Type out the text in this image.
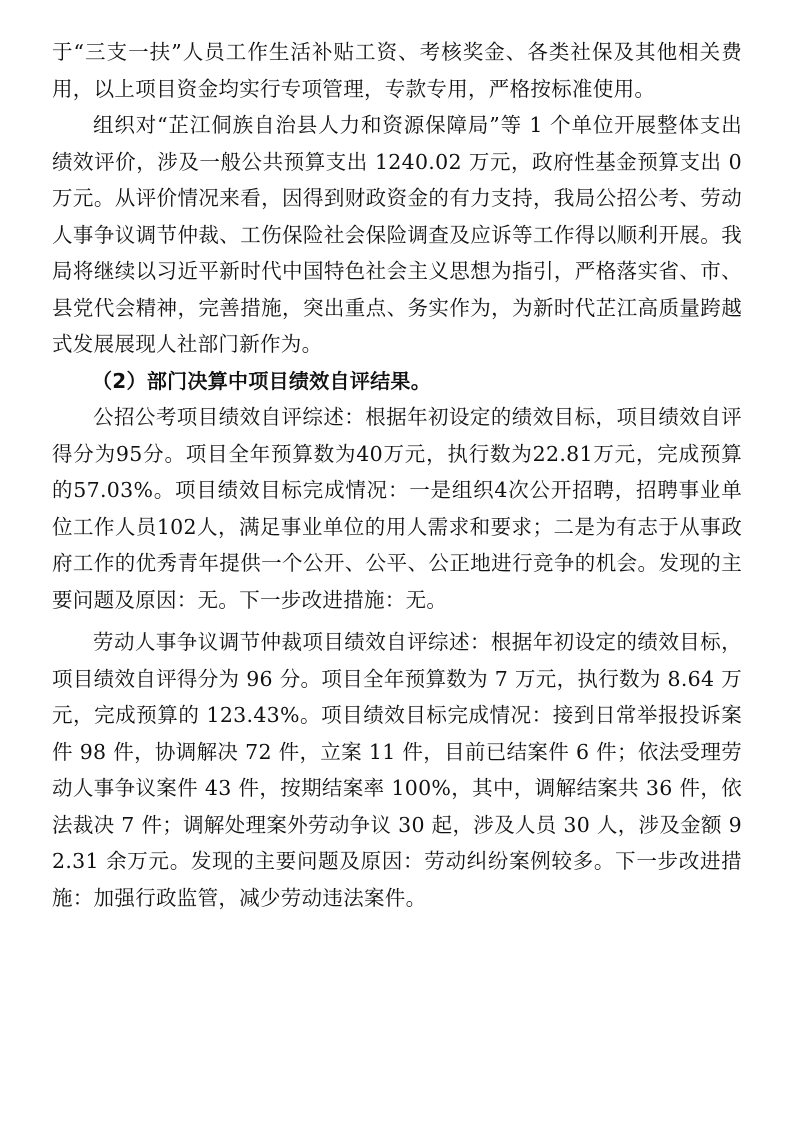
于“三支一扶”人员工作生活补贴工资、考核奖金、各类社保及其他相关费用，以上项目资金均实行专项管理，专款专用，严格按标准使用。

组织对“芷江侗族自治县人力和资源保障局”等 1 个单位开展整体支出绩效评价，涉及一般公共预算支出 1240.02 万元，政府性基金预算支出 0 万元。从评价情况来看，因得到财政资金的有力支持，我局公招公考、劳动人事争议调节仲裁、工伤保险社会保险调查及应诉等工作得以顺利开展。我局将继续以习近平新时代中国特色社会主义思想为指引，严格落实省、市、县党代会精神，完善措施，突出重点、务实作为，为新时代芷江高质量跨越式发展展现人社部门新作为。

（2）部门决算中项目绩效自评结果。

公招公考项目绩效自评综述：根据年初设定的绩效目标，项目绩效自评得分为95分。项目全年预算数为40万元，执行数为22.81万元，完成预算的57.03%。项目绩效目标完成情况：一是组织4次公开招聘，招聘事业单位工作人员102人，满足事业单位的用人需求和要求；二是为有志于从事政府工作的优秀青年提供一个公开、公平、公正地进行竞争的机会。发现的主要问题及原因：无。下一步改进措施：无。

劳动人事争议调节仲裁项目绩效自评综述：根据年初设定的绩效目标，项目绩效自评得分为 96 分。项目全年预算数为 7 万元，执行数为 8.64 万元，完成预算的 123.43%。项目绩效目标完成情况：接到日常举报投诉案件 98 件，协调解决 72 件，立案 11 件，目前已结案件 6 件；依法受理劳动人事争议案件 43 件，按期结案率 100%，其中，调解结案共 36 件，依法裁决 7 件；调解处理案外劳动争议 30 起，涉及人员 30 人，涉及金额 92.31 余万元。发现的主要问题及原因：劳动纠纷案例较多。下一步改进措施：加强行政监管，减少劳动违法案件。
